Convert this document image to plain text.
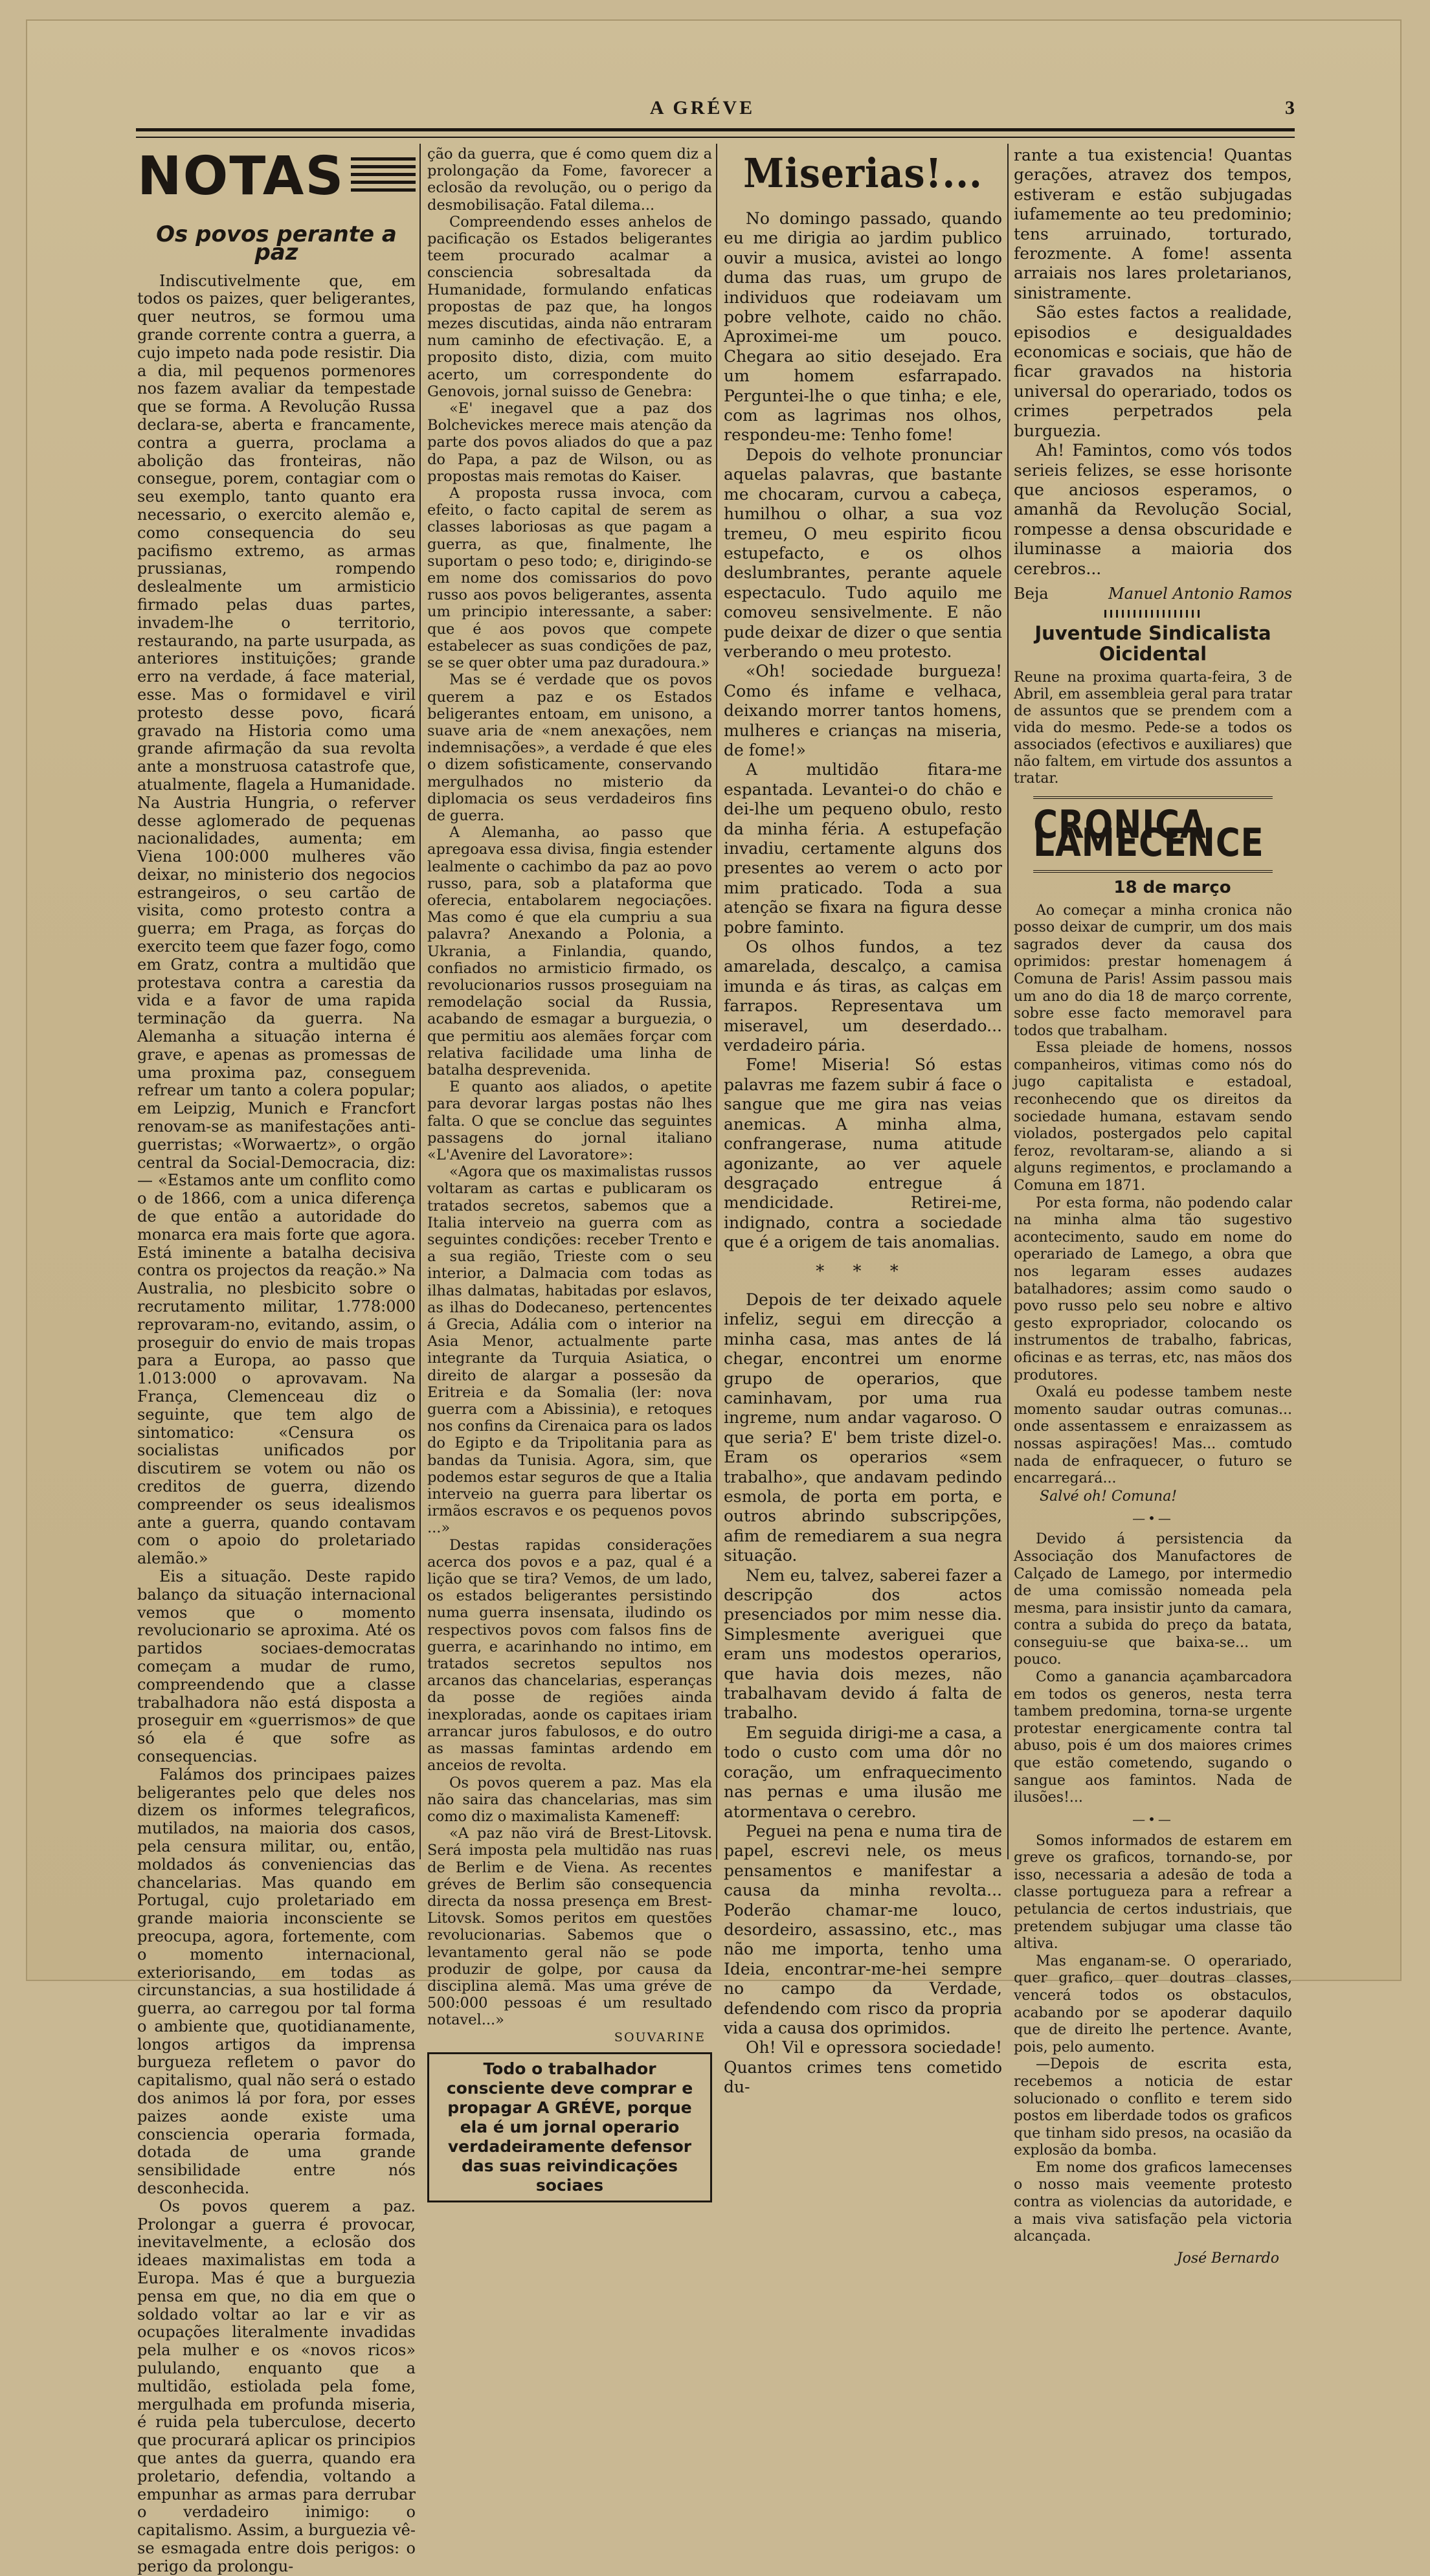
A GRÉVE	3
NOTAS
Os povos perante a paz

Indiscutivelmente que, em todos os paizes, quer beligerantes, quer neutros, se formou uma grande corrente contra a guerra, a cujo impeto nada pode resistir. Dia a dia, mil pequenos pormenores nos fazem avaliar da tempestade que se forma. A Revolução Russa declara-se, aberta e francamente, contra a guerra, proclama a abolição das fronteiras, não consegue, porem, contagiar com o seu exemplo, tanto quanto era necessario, o exercito alemão e, como consequencia do seu pacifismo extremo, as armas prussianas, rompendo deslealmente um armisticio firmado pelas duas partes, invadem-lhe o territorio, restaurando, na parte usurpada, as anteriores instituições; grande erro na verdade, á face material, esse. Mas o formidavel e viril protesto desse povo, ficará gravado na Historia como uma grande afirmação da sua revolta ante a monstruosa catastrofe que, atualmente, flagela a Humanidade. Na Austria Hungria, o referver desse aglomerado de pequenas nacionalidades, aumenta; em Viena 100:000 mulheres vão deixar, no ministerio dos negocios estrangeiros, o seu cartão de visita, como protesto contra a guerra; em Praga, as forças do exercito teem que fazer fogo, como em Gratz, contra a multidão que protestava contra a carestia da vida e a favor de uma rapida terminação da guerra. Na Alemanha a situação interna é grave, e apenas as promessas de uma proxima paz, conseguem refrear um tanto a colera popular; em Leipzig, Munich e Francfort renovam-se as manifestações anti-guerristas; «Worwaertz», o orgão central da Social-Democracia, diz: — «Estamos ante um conflito como o de 1866, com a unica diferença de que então a autoridade do monarca era mais forte que agora. Está iminente a batalha decisiva contra os projectos da reação.» Na Australia, no plesbicito sobre o recrutamento militar, 1.778:000 reprovaram-no, evitando, assim, o proseguir do envio de mais tropas para a Europa, ao passo que 1.013:000 o aprovavam. Na França, Clemenceau diz o seguinte, que tem algo de sintomatico: «Censura os socialistas unificados por discutirem se votem ou não os creditos de guerra, dizendo compreender os seus idealismos ante a guerra, quando contavam com o apoio do proletariado alemão.»

Eis a situação. Deste rapido balanço da situação internacional vemos que o momento revolucionario se aproxima. Até os partidos sociaes-democratas começam a mudar de rumo, compreendendo que a classe trabalhadora não está disposta a proseguir em «guerrismos» de que só ela é que sofre as consequencias.

Falámos dos principaes paizes beligerantes pelo que deles nos dizem os informes telegraficos, mutilados, na maioria dos casos, pela censura militar, ou, então, moldados ás conveniencias das chancelarias. Mas quando em Portugal, cujo proletariado em grande maioria inconsciente se preocupa, agora, fortemente, com o momento internacional, exteriorisando, em todas as circunstancias, a sua hostilidade á guerra, ao carregou por tal forma o ambiente que, quotidianamente, longos artigos da imprensa burgueza refletem o pavor do capitalismo, qual não será o estado dos animos lá por fora, por esses paizes aonde existe uma consciencia operaria formada, dotada de uma grande sensibilidade entre nós desconhecida.

Os povos querem a paz. Prolongar a guerra é provocar, inevitavelmente, a eclosão dos ideaes maximalistas em toda a Europa. Mas é que a burguezia pensa em que, no dia em que o soldado voltar ao lar e vir as ocupações literalmente invadidas pela mulher e os «novos ricos» pululando, enquanto que a multidão, estiolada pela fome, mergulhada em profunda miseria, é ruida pela tuberculose, decerto que procurará aplicar os principios que antes da guerra, quando era proletario, defendia, voltando a empunhar as armas para derrubar o verdadeiro inimigo: o capitalismo. Assim, a burguezia vê-se esmagada entre dois perigos: o perigo da prolongu-

ção da guerra, que é como quem diz a prolongação da Fome, favorecer a eclosão da revolução, ou o perigo da desmobilisação. Fatal dilema...

Compreendendo esses anhelos de pacificação os Estados beligerantes teem procurado acalmar a consciencia sobresaltada da Humanidade, formulando enfaticas propostas de paz que, ha longos mezes discutidas, ainda não entraram num caminho de efectivação. E, a proposito disto, dizia, com muito acerto, um correspondente do Genovois, jornal suisso de Genebra:

«E' inegavel que a paz dos Bolchevickes merece mais atenção da parte dos povos aliados do que a paz do Papa, a paz de Wilson, ou as propostas mais remotas do Kaiser.

A proposta russa invoca, com efeito, o facto capital de serem as classes laboriosas as que pagam a guerra, as que, finalmente, lhe suportam o peso todo; e, dirigindo-se em nome dos comissarios do povo russo aos povos beligerantes, assenta um principio interessante, a saber: que é aos povos que compete estabelecer as suas condições de paz, se se quer obter uma paz duradoura.»

Mas se é verdade que os povos querem a paz e os Estados beligerantes entoam, em unisono, a suave aria de «nem anexações, nem indemnisações», a verdade é que eles o dizem sofisticamente, conservando mergulhados no misterio da diplomacia os seus verdadeiros fins de guerra.

A Alemanha, ao passo que apregoava essa divisa, fingia estender lealmente o cachimbo da paz ao povo russo, para, sob a plataforma que oferecia, entabolarem negociações. Mas como é que ela cumpriu a sua palavra? Anexando a Polonia, a Ukrania, a Finlandia, quando, confiados no armisticio firmado, os revolucionarios russos proseguiam na remodelação social da Russia, acabando de esmagar a burguezia, o que permitiu aos alemães forçar com relativa facilidade uma linha de batalha desprevenida.

E quanto aos aliados, o apetite para devorar largas postas não lhes falta. O que se conclue das seguintes passagens do jornal italiano «L'Avenire del Lavoratore»:

«Agora que os maximalistas russos voltaram as cartas e publicaram os tratados secretos, sabemos que a Italia interveio na guerra com as seguintes condições: receber Trento e a sua região, Trieste com o seu interior, a Dalmacia com todas as ilhas dalmatas, habitadas por eslavos, as ilhas do Dodecaneso, pertencentes á Grecia, Adália com o interior na Asia Menor, actualmente parte integrante da Turquia Asiatica, o direito de alargar a possesão da Eritreia e da Somalia (ler: nova guerra com a Abissinia), e retoques nos confins da Cirenaica para os lados do Egipto e da Tripolitania para as bandas da Tunisia. Agora, sim, que podemos estar seguros de que a Italia interveio na guerra para libertar os irmãos escravos e os pequenos povos ...»

Destas rapidas considerações acerca dos povos e a paz, qual é a lição que se tira? Vemos, de um lado, os estados beligerantes persistindo numa guerra insensata, iludindo os respectivos povos com falsos fins de guerra, e acarinhando no intimo, em tratados secretos sepultos nos arcanos das chancelarias, esperanças da posse de regiões ainda inexploradas, aonde os capitaes iriam arrancar juros fabulosos, e do outro as massas famintas ardendo em anceios de revolta.

Os povos querem a paz. Mas ela não saira das chancelarias, mas sim como diz o maximalista Kameneff:

«A paz não virá de Brest-Litovsk. Será imposta pela multidão nas ruas de Berlim e de Viena. As recentes gréves de Berlim são consequencia directa da nossa presença em Brest-Litovsk. Somos peritos em questões revolucionarias. Sabemos que o levantamento geral não se pode produzir de golpe, por causa da disciplina alemã. Mas uma gréve de 500:000 pessoas é um resultado notavel...»

SOUVARINE
Todo o trabalhador consciente deve comprar e propagar A GRÉVE, porque ela é um jornal operario verdadeiramente defensor das suas reivindicações sociaes
Miserias!...

No domingo passado, quando eu me dirigia ao jardim publico ouvir a musica, avistei ao longo duma das ruas, um grupo de individuos que rodeiavam um pobre velhote, caido no chão. Aproximei-me um pouco. Chegara ao sitio desejado. Era um homem esfarrapado. Perguntei-lhe o que tinha; e ele, com as lagrimas nos olhos, respondeu-me: Tenho fome!

Depois do velhote pronunciar aquelas palavras, que bastante me chocaram, curvou a cabeça, humilhou o olhar, a sua voz tremeu, O meu espirito ficou estupefacto, e os olhos deslumbrantes, perante aquele espectaculo. Tudo aquilo me comoveu sensivelmente. E não pude deixar de dizer o que sentia verberando o meu protesto.

«Oh! sociedade burgueza! Como és infame e velhaca, deixando morrer tantos homens, mulheres e crianças na miseria, de fome!»

A multidão fitara-me espantada. Levantei-o do chão e dei-lhe um pequeno obulo, resto da minha féria. A estupefação invadiu, certamente alguns dos presentes ao verem o acto por mim praticado. Toda a sua atenção se fixara na figura desse pobre faminto.

Os olhos fundos, a tez amarelada, descalço, a camisa imunda e ás tiras, as calças em farrapos. Representava um miseravel, um deserdado... verdadeiro pária.

Fome! Miseria! Só estas palavras me fazem subir á face o sangue que me gira nas veias anemicas. A minha alma, confrangerase, numa atitude agonizante, ao ver aquele desgraçado entregue á mendicidade. Retirei-me, indignado, contra a sociedade que é a origem de tais anomalias.

* * *

Depois de ter deixado aquele infeliz, segui em direcção a minha casa, mas antes de lá chegar, encontrei um enorme grupo de operarios, que caminhavam, por uma rua ingreme, num andar vagaroso. O que seria? E' bem triste dizel-o. Eram os operarios «sem trabalho», que andavam pedindo esmola, de porta em porta, e outros abrindo subscripções, afim de remediarem a sua negra situação.

Nem eu, talvez, saberei fazer a descripção dos actos presenciados por mim nesse dia. Simplesmente averiguei que eram uns modestos operarios, que havia dois mezes, não trabalhavam devido á falta de trabalho.

Em seguida dirigi-me a casa, a todo o custo com uma dôr no coração, um enfraquecimento nas pernas e uma ilusão me atormentava o cerebro.

Peguei na pena e numa tira de papel, escrevi nele, os meus pensamentos e manifestar a causa da minha revolta... Poderão chamar-me louco, desordeiro, assassino, etc., mas não me importa, tenho uma Ideia, encontrar-me-hei sempre no campo da Verdade, defendendo com risco da propria vida a causa dos oprimidos.

Oh! Vil e opressora sociedade! Quantos crimes tens cometido du-

rante a tua existencia! Quantas gerações, atravez dos tempos, estiveram e estão subjugadas iufamemente ao teu predominio; tens arruinado, torturado, ferozmente. A fome! assenta arraiais nos lares proletarianos, sinistramente.

São estes factos a realidade, episodios e desigualdades economicas e sociais, que hão de ficar gravados na historia universal do operariado, todos os crimes perpetrados pela burguezia.

Ah! Famintos, como vós todos serieis felizes, se esse horisonte que anciosos esperamos, o amanhã da Revolução Social, rompesse a densa obscuridade e iluminasse a maioria dos cerebros...

Beja	Manuel Antonio Ramos
Juventude Sindicalista Oicidental
Reune na proxima quarta-feira, 3 de Abril, em assembleia geral para tratar de assuntos que se prendem com a vida do mesmo. Pede-se a todos os associados (efectivos e auxiliares) que não faltem, em virtude dos assuntos a tratar.
CRONICA LAMECENCE
18 de março

Ao começar a minha cronica não posso deixar de cumprir, um dos mais sagrados dever da causa dos oprimidos: prestar homenagem á Comuna de Paris! Assim passou mais um ano do dia 18 de março corrente, sobre esse facto memoravel para todos que trabalham.

Essa pleiade de homens, nossos companheiros, vitimas como nós do jugo capitalista e estadoal, reconhecendo que os direitos da sociedade humana, estavam sendo violados, postergados pelo capital feroz, revoltaram-se, aliando a si alguns regimentos, e proclamando a Comuna em 1871.

Por esta forma, não podendo calar na minha alma tão sugestivo acontecimento, saudo em nome do operariado de Lamego, a obra que nos legaram esses audazes batalhadores; assim como saudo o povo russo pelo seu nobre e altivo gesto expropriador, colocando os instrumentos de trabalho, fabricas, oficinas e as terras, etc, nas mãos dos produtores.

Oxalá eu podesse tambem neste momento saudar outras comunas... onde assentassem e enraizassem as nossas aspirações! Mas... comtudo nada de enfraquecer, o futuro se encarregará...

Salvé oh! Comuna!
—•—

Devido á persistencia da Associação dos Manufactores de Calçado de Lamego, por intermedio de uma comissão nomeada pela mesma, para insistir junto da camara, contra a subida do preço da batata, conseguiu-se que baixa-se... um pouco.

Como a ganancia açambarcadora em todos os generos, nesta terra tambem predomina, torna-se urgente protestar energicamente contra tal abuso, pois é um dos maiores crimes que estão cometendo, sugando o sangue aos famintos. Nada de ilusões!...

—•—

Somos informados de estarem em greve os graficos, tornando-se, por isso, necessaria a adesão de toda a classe portugueza para a refrear a petulancia de certos industriais, que pretendem subjugar uma classe tão altiva.

Mas enganam-se. O operariado, quer grafico, quer doutras classes, vencerá todos os obstaculos, acabando por se apoderar daquilo que de direito lhe pertence. Avante, pois, pelo aumento.

—Depois de escrita esta, recebemos a noticia de estar solucionado o conflito e terem sido postos em liberdade todos os graficos que tinham sido presos, na ocasião da explosão da bomba.

Em nome dos graficos lamecenses o nosso mais veemente protesto contra as violencias da autoridade, e a mais viva satisfação pela victoria alcançada.

José Bernardo
